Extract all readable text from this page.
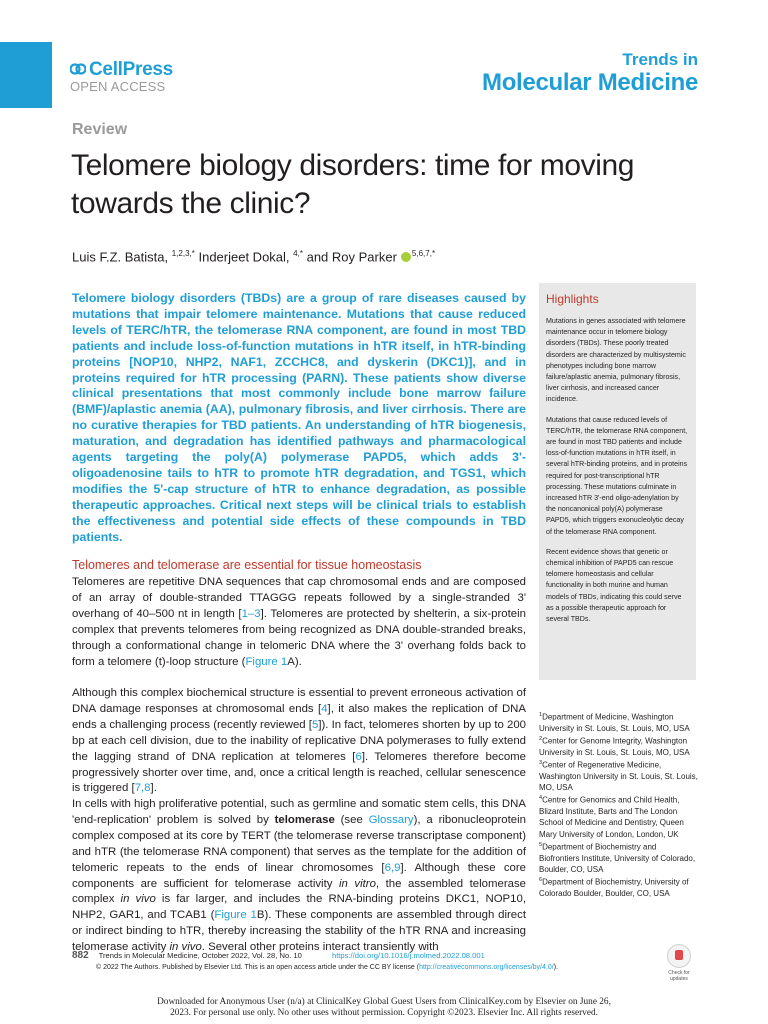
CellPress
OPEN ACCESS
Trends in
Molecular Medicine
Review
Telomere biology disorders: time for moving towards the clinic?
Luis F.Z. Batista, $^{1,2,3,*}$ Inderjeet Dokal, $^{4,*}$ and Roy Parker $^{5,6,7,*}$
Telomere biology disorders (TBDs) are a group of rare diseases caused by mutations that impair telomere maintenance. Mutations that cause reduced levels of TERC/hTR, the telomerase RNA component, are found in most TBD patients and include loss-of-function mutations in hTR itself, in hTR-binding proteins [NOP10, NHP2, NAF1, ZCCHC8, and dyskerin (DKC1)], and in proteins required for hTR processing (PARN). These patients show diverse clinical presentations that most commonly include bone marrow failure (BMF)/aplastic anemia (AA), pulmonary fibrosis, and liver cirrhosis. There are no curative therapies for TBD patients. An understanding of hTR biogenesis, maturation, and degradation has identified pathways and pharmacological agents targeting the poly(A) polymerase PAPD5, which adds 3'-oligoadenosine tails to hTR to promote hTR degradation, and TGS1, which modifies the 5'-cap structure of hTR to enhance degradation, as possible therapeutic approaches. Critical next steps will be clinical trials to establish the effectiveness and potential side effects of these compounds in TBD patients.
Telomeres and telomerase are essential for tissue homeostasis
Telomeres are repetitive DNA sequences that cap chromosomal ends and are composed of an array of double-stranded TTAGGG repeats followed by a single-stranded 3' overhang of 40–500 nt in length [1–3]. Telomeres are protected by shelterin, a six-protein complex that prevents telomeres from being recognized as DNA double-stranded breaks, through a conformational change in telomeric DNA where the 3' overhang folds back to form a telomere (t)-loop structure (Figure 1A).
Although this complex biochemical structure is essential to prevent erroneous activation of DNA damage responses at chromosomal ends [4], it also makes the replication of DNA ends a challenging process (recently reviewed [5]). In fact, telomeres shorten by up to 200 bp at each cell division, due to the inability of replicative DNA polymerases to fully extend the lagging strand of DNA replication at telomeres [6]. Telomeres therefore become progressively shorter over time, and, once a critical length is reached, cellular senescence is triggered [7,8].
In cells with high proliferative potential, such as germline and somatic stem cells, this DNA 'end-replication' problem is solved by telomerase (see Glossary), a ribonucleoprotein complex composed at its core by TERT (the telomerase reverse transcriptase component) and hTR (the telomerase RNA component) that serves as the template for the addition of telomeric repeats to the ends of linear chromosomes [6,9]. Although these core components are sufficient for telomerase activity in vitro, the assembled telomerase complex in vivo is far larger, and includes the RNA-binding proteins DKC1, NOP10, NHP2, GAR1, and TCAB1 (Figure 1B). These components are assembled through direct or indirect binding to hTR, thereby increasing the stability of the hTR RNA and increasing telomerase activity in vivo. Several other proteins interact transiently with
Highlights

Mutations in genes associated with telomere maintenance occur in telomere biology disorders (TBDs). These poorly treated disorders are characterized by multisystemic phenotypes including bone marrow failure/aplastic anemia, pulmonary fibrosis, liver cirrhosis, and increased cancer incidence.

Mutations that cause reduced levels of TERC/hTR, the telomerase RNA component, are found in most TBD patients and include loss-of-function mutations in hTR itself, in several hTR-binding proteins, and in proteins required for post-transcriptional hTR processing. These mutations culminate in increased hTR 3'-end oligo-adenylation by the noncanonical poly(A) polymerase PAPD5, which triggers exonucleolytic decay of the telomerase RNA component.

Recent evidence shows that genetic or chemical inhibition of PAPD5 can rescue telomere homeostasis and cellular functionality in both murine and human models of TBDs, indicating this could serve as a possible therapeutic approach for several TBDs.

$^1$Department of Medicine, Washington University in St. Louis, St. Louis, MO, USA
$^2$Center for Genome Integrity, Washington University in St. Louis, St. Louis, MO, USA
$^3$Center of Regenerative Medicine, Washington University in St. Louis, St. Louis, MO, USA
$^4$Centre for Genomics and Child Health, Blizard Institute, Barts and The London School of Medicine and Dentistry, Queen Mary University of London, London, UK
$^5$Department of Biochemistry and Biofrontiers Institute, University of Colorado, Boulder, CO, USA
$^6$Department of Biochemistry, University of Colorado Boulder, Boulder, CO, USA
882 Trends in Molecular Medicine, October 2022, Vol. 28, No. 10	https://doi.org/10.1016/j.molmed.2022.08.001
© 2022 The Authors. Published by Elsevier Ltd. This is an open access article under the CC BY license (http://creativecommons.org/licenses/by/4.0/).
Check for updates
Downloaded for Anonymous User (n/a) at ClinicalKey Global Guest Users from ClinicalKey.com by Elsevier on June 26,
2023. For personal use only. No other uses without permission. Copyright ©2023. Elsevier Inc. All rights reserved.
